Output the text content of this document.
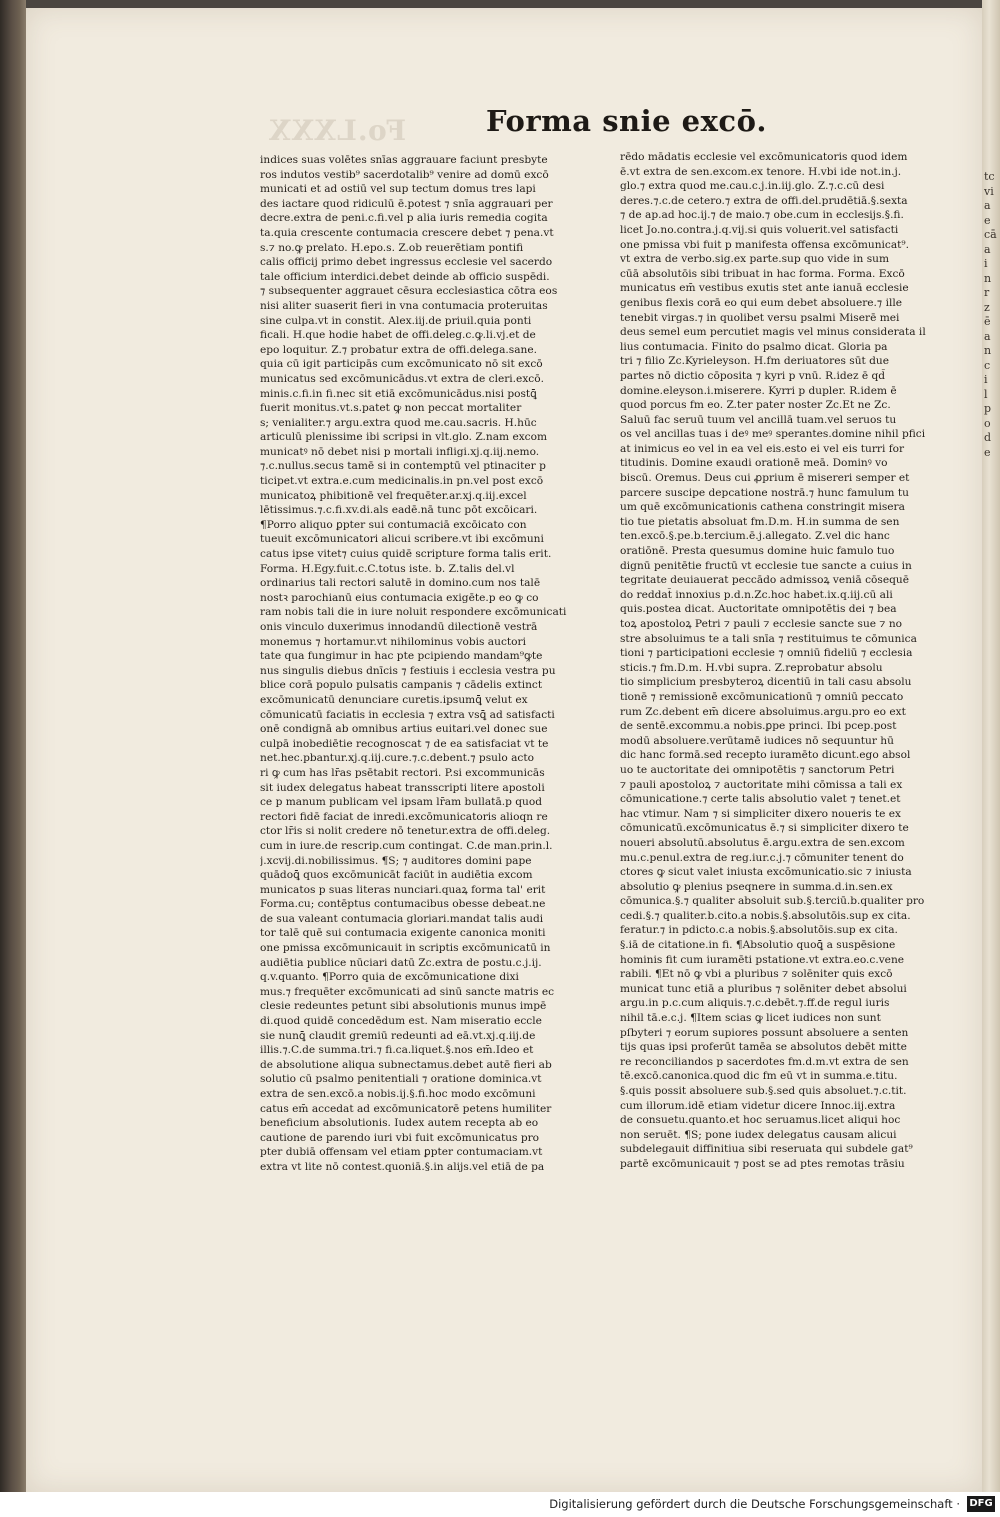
Fo.LXXX	Forma snie excō.

indices suas volētes snīas aggrauare faciunt presbyte

ros indutos vestib⁹ sacerdotalib⁹ venire ad domū excō

municati et ad ostiū vel sup tectum domus tres lapi

des iactare quod ridiculū ē.potest ⁊ snīa aggrauari per

decre.extra de peni.c.fi.vel p alia iuris remedia cogita

ta.quia crescente contumacia crescere debet ⁊ pena.vt

s.⁊ no.ꝙ prelato. H.epo.s. Z.ob reuerētiam pontifi

calis officij primo debet ingressus ecclesie vel sacerdo

tale officium interdici.debet deinde ab officio suspēdi.

⁊ subsequenter aggrauet cēsura ecclesiastica cōtra eos

nisi aliter suaserit fieri in vna contumacia proteruitas

sine culpa.vt in constit. Alex.iij.de priuil.quia ponti

ficali. H.que hodie habet de offi.deleg.c.ꝙ.li.vj.et de

epo loquitur. Z.⁊ probatur extra de offi.delega.sane.

quia cū igit participās cum excōmunicato nō sit excō

municatus sed excōmunicādus.vt extra de cleri.excō.

minis.c.fi.in fi.nec sit etiā excōmunicādus.nisi postꝗ̄

fuerit monitus.vt.s.patet ꝙ non peccat mortaliter

s; venialiter.⁊ argu.extra quod me.cau.sacris. H.hūc

articulū plenissime ibi scripsi in vlt.glo. Z.nam excom

municatꝰ nō debet nisi p mortali infligi.xj.q.iij.nemo.

⁊.c.nullus.secus tamē si in contemptū vel ptinaciter p

ticipet.vt extra.e.cum medicinalis.in pn.vel post excō

municatoꝝ phibitionē vel frequēter.ar.xj.q.iij.excel

lētissimus.⁊.c.fi.xv.di.als eadē.nā tunc pōt excōicari.

¶Porro aliquo ꝑpter sui contumaciā excōicato con

tueuit excōmunicatori alicui scribere.vt ibi excōmuni

catus ipse vitet⁊ cuius quidē scripture forma talis erit.

Forma. H.Egy.fuit.c.C.totus iste. b. Z.talis del.vl

ordinarius tali rectori salutē in domino.cum nos talē

nostꝛ parochianū eius contumacia exigēte.p eo ꝙ co

ram nobis tali die in iure noluit respondere excōmunicati

onis vinculo duxerimus innodandū dilectionē vestrā

monemus ⁊ hortamur.vt nihilominus vobis auctori

tate qua fungimur in hac pte pcipiendo mandam⁹ꝙte

nus singulis diebus dnīcis ⁊ festiuis i ecclesia vestra pu

blice corā populo pulsatis campanis ⁊ cādelis extinct

excōmunicatū denunciare curetis.ipsumꝗ̄ velut ex

cōmunicatū faciatis in ecclesia ⁊ extra vsꝗ̄ ad satisfacti

onē condignā ab omnibus artius euitari.vel donec sue

culpā inobediētie recognoscat ⁊ de ea satisfaciat vt te

net.hec.pbantur.xj.q.iij.cure.⁊.c.debent.⁊ psulo acto

ri ꝙ cum has lr̄as psētabit rectori. P.si excommunicās

sit iudex delegatus habeat transscripti litere apostoli

ce p manum publicam vel ipsam lr̄am bullatā.p quod

rectori fidē faciat de inredi.excōmunicatoris alioqn re

ctor lr̄is si nolit credere nō tenetur.extra de offi.deleg.

cum in iure.de rescrip.cum contingat. C.de man.prin.l.

j.xcvij.di.nobilissimus. ¶S; ⁊ auditores domini pape

quādoꝗ̄ quos excōmunicāt faciūt in audiētia excom

municatos p suas literas nunciari.quaꝝ forma tal' erit

Forma.cu; contēptus contumacibus obesse debeat.ne

de sua valeant contumacia gloriari.mandat talis audi

tor talē quē sui contumacia exigente canonica moniti

one pmissa excōmunicauit in scriptis excōmunicatū in

audiētia publice nūciari datū Zc.extra de postu.c.j.ij.

q.v.quanto. ¶Porro quia de excōmunicatione dixi

mus.⁊ frequēter excōmunicati ad sinū sancte matris ec

clesie redeuntes petunt sibi absolutionis munus impē

di.quod quidē concedēdum est. Nam miseratio eccle

sie nunꝗ̄ claudit gremiū redeunti ad eā.vt.xj.q.iij.de

illis.⁊.C.de summa.tri.⁊ fi.ca.liquet.§.nos em̄.Ideo et

de absolutione aliqua subnectamus.debet autē fieri ab

solutio cū psalmo penitentiali ⁊ oratione dominica.vt

extra de sen.excō.a nobis.ij.§.fi.hoc modo excōmuni

catus em̄ accedat ad excōmunicatorē petens humiliter

beneficium absolutionis. Iudex autem recepta ab eo

cautione de parendo iuri vbi fuit excōmunicatus pro

pter dubiā offensam vel etiam ꝑpter contumaciam.vt

extra vt lite nō contest.quoniā.§.in alijs.vel etiā de pa

rēdo mādatis ecclesie vel excōmunicatoris quod idem

ē.vt extra de sen.excom.ex tenore. H.vbi ide not.in.j.

glo.⁊ extra quod me.cau.c.j.in.iij.glo. Z.⁊.c.cū desi

deres.⁊.c.de cetero.⁊ extra de offi.del.prudētiā.§.sexta

⁊ de ap.ad hoc.ij.⁊ de maio.⁊ obe.cum in ecclesijs.§.fi.

licet Jo.no.contra.j.q.vij.si quis voluerit.vel satisfacti

one pmissa vbi fuit p manifesta offensa excōmunicat⁹.

vt extra de verbo.sig.ex parte.sup quo vide in sum

cūā absolutōis sibi tribuat in hac forma. Forma. Excō

municatus em̄ vestibus exutis stet ante ianuā ecclesie

genibus flexis corā eo qui eum debet absoluere.⁊ ille

tenebit virgas.⁊ in quolibet versu psalmi Miserē mei

deus semel eum percutiet magis vel minus considerata il

lius contumacia. Finito do psalmo dicat. Gloria pa

tri ⁊ filio Zc.Kyrieleyson. H.fm deriuatores sūt due

partes nō dictio cōposita ⁊ kyri p vnū. R.idez ē qd̄

domine.eleyson.i.miserere. Kyrri p dupler. R.idem ē

quod porcus fm eo. Z.ter pater noster Zc.Et ne Zc.

Saluū fac seruū tuum vel ancillā tuam.vel seruos tu

os vel ancillas tuas i deꝰ meꝰ sperantes.domine nihil pfici

at inimicus eo vel in ea vel eis.esto ei vel eis turri for

titudinis. Domine exaudi orationē meā. Dominꝰ vo

biscū. Oremus. Deus cui ꝓprium ē misereri semper et

parcere suscipe depcatione nostrā.⁊ hunc famulum tu

um quē excōmunicationis cathena constringit misera

tio tue pietatis absoluat fm.D.m. H.in summa de sen

ten.excō.§.pe.b.tercium.ē.j.allegato. Z.vel dic hanc

oratiōnē. Presta quesumus domine huic famulo tuo

dignū penitētie fructū vt ecclesie tue sancte a cuius in

tegritate deuiauerat peccādo admissoꝝ veniā cōsequē

do reddat̄ innoxius p.d.n.Zc.hoc habet.ix.q.iij.cū ali

quis.postea dicat. Auctoritate omnipotētis dei ⁊ bea

toꝝ apostoloꝝ Petri ⁊ pauli ⁊ ecclesie sancte sue ⁊ no

stre absoluimus te a tali snīa ⁊ restituimus te cōmunica

tioni ⁊ participationi ecclesie ⁊ omniū fideliū ⁊ ecclesia

sticis.⁊ fm.D.m. H.vbi supra. Z.reprobatur absolu

tio simplicium presbyteroꝝ dicentiū in tali casu absolu

tionē ⁊ remissionē excōmunicationū ⁊ omniū peccato

rum Zc.debent em̄ dicere absoluimus.argu.pro eo ext

de sentē.excommu.a nobis.ꝑpe princi. Ibi pcep.post

modū absoluere.verūtamē iudices nō sequuntur hū

dic hanc formā.sed recepto iuramēto dicunt.ego absol

uo te auctoritate dei omnipotētis ⁊ sanctorum Petri

⁊ pauli apostoloꝝ ⁊ auctoritate mihi cōmissa a tali ex

cōmunicatione.⁊ certe talis absolutio valet ⁊ tenet.et

hac vtimur. Nam ⁊ si simpliciter dixero noueris te ex

cōmunicatū.excōmunicatus ē.⁊ si simpliciter dixero te

noueri absolutū.absolutus ē.argu.extra de sen.excom

mu.c.penul.extra de reg.iur.c.j.⁊ cōmuniter tenent do

ctores ꝙ sicut valet iniusta excōmunicatio.sic ⁊ iniusta

absolutio ꝙ plenius pseqnere in summa.d.in.sen.ex

cōmunica.§.⁊ qualiter absoluit sub.§.terciū.b.qualiter pro

cedi.§.⁊ qualiter.b.cito.a nobis.§.absolutōis.sup ex cita.

feratur.⁊ in pdicto.c.a nobis.§.absolutōis.sup ex cita.

§.iā de citatione.in fi. ¶Absolutio quoꝗ̄ a suspēsione

hominis fit cum iuramēti pstatione.vt extra.eo.c.vene

rabili. ¶Et nō ꝙ vbi a pluribus ⁊ solēniter quis excō

municat tunc etiā a pluribus ⁊ solēniter debet absolui

argu.in p.c.cum aliquis.⁊.c.debēt.⁊.ff.de regul iuris

nihil tā.e.c.j. ¶Item scias ꝙ licet iudices non sunt

pſbyteri ⁊ eorum supiores possunt absoluere a senten

tijs quas ipsi proferūt tamēa se absolutos debēt mitte

re reconciliandos p sacerdotes fm.d.m.vt extra de sen

tē.excō.canonica.quod dic fm eū vt in summa.e.titu.

§.quis possit absoluere sub.§.sed quis absoluet.⁊.c.tit.

cum illorum.idē etiam videtur dicere Innoc.iij.extra

de consuetu.quanto.et hoc seruamus.licet aliqui hoc

non seruēt. ¶S; pone iudex delegatus causam alicui

subdelegauit diffinitiua sibi reseruata qui subdele gat⁹

partē excōmunicauit ⁊ post se ad ptes remotas trāsiu

tc
vi
a
e
cā
a
i
n
r
z
ē
a
n
c
i
l
p
o
d
e
Digitalisierung gefördert durch die Deutsche Forschungsgemeinschaft · DFG
